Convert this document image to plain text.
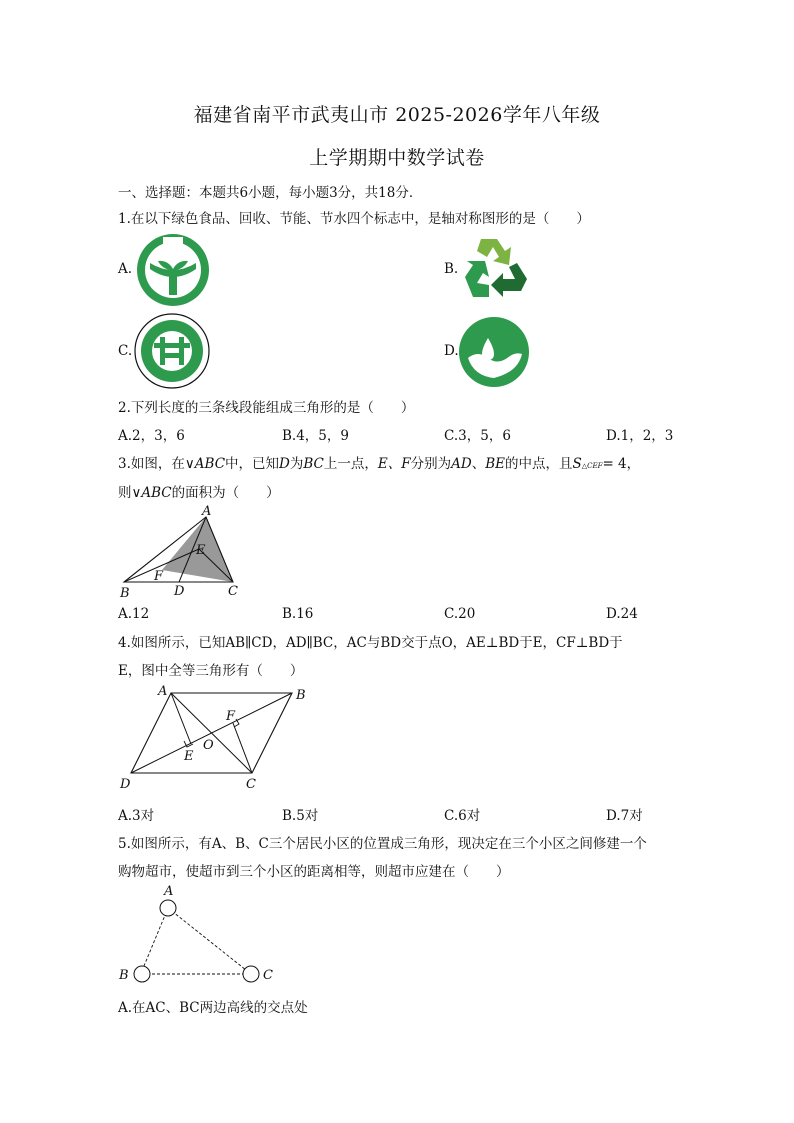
福建省南平市武夷山市 2025-2026学年八年级
上学期期中数学试卷
一、选择题：本题共6小题，每小题3分，共18分．
1.在以下绿色食品、回收、节能、节水四个标志中，是轴对称图形的是（　　）
A.	B.
C.	D.
2.下列长度的三条线段能组成三角形的是（　　）
A.2，3，6	B.4，5，9	C.3，5，6	D.1，2，3
3.如图，在∨ABC中，已知D为BC上一点，E、F分别为AD、BE的中点，且S△CEF= 4，
则∨ABC的面积为（　　）
A
E
F
B	D	C
A.12	B.16	C.20	D.24
4.如图所示，已知AB∥CD，AD∥BC，AC与BD交于点O，AE⊥BD于E，CF⊥BD于
E，图中全等三角形有（　　）
A	B
F
O
E
D	C
A.3对	B.5对	C.6对	D.7对
5.如图所示，有A、B、C三个居民小区的位置成三角形，现决定在三个小区之间修建一个
购物超市，使超市到三个小区的距离相等，则超市应建在（　　）
A
B	C
A.在AC、BC两边高线的交点处
